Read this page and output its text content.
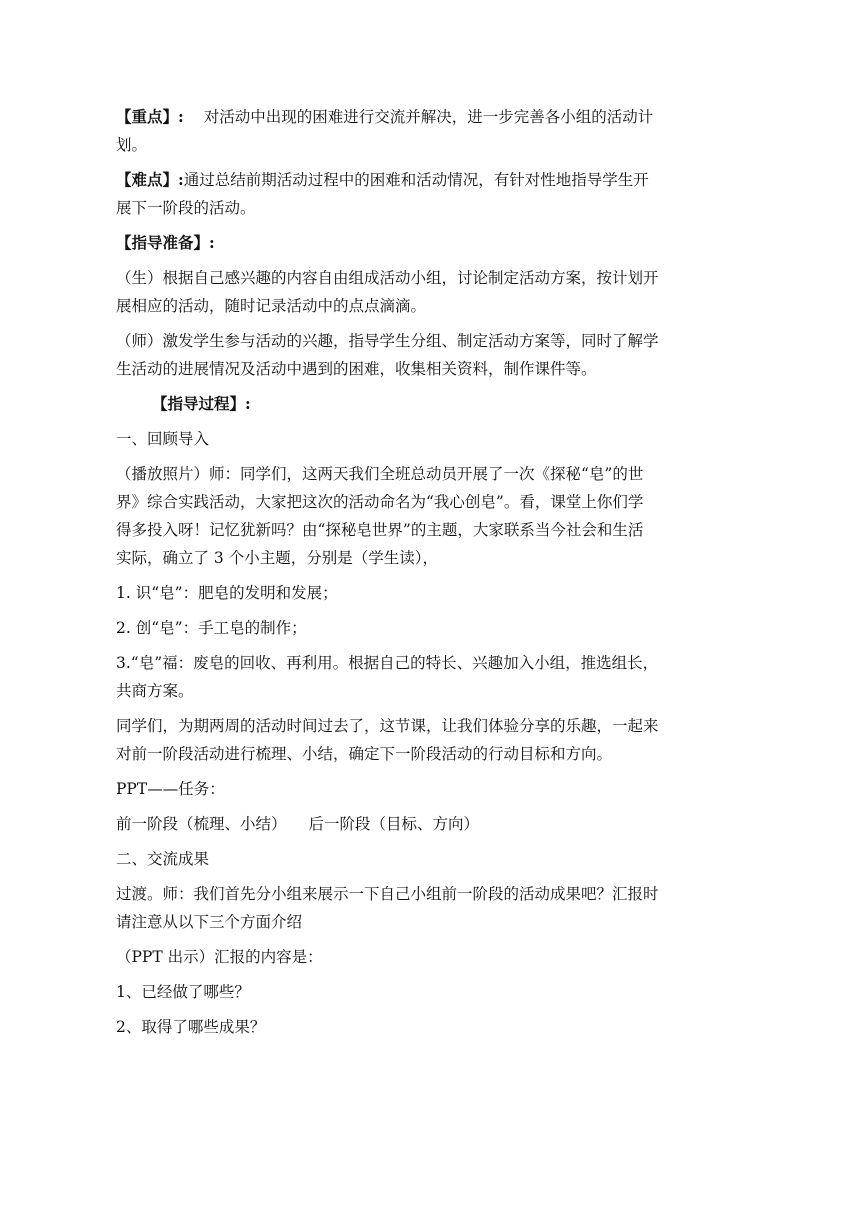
【重点】: 对活动中出现的困难进行交流并解决，进一步完善各小组的活动计

划。

【难点】:通过总结前期活动过程中的困难和活动情况，有针对性地指导学生开

展下一阶段的活动。

【指导准备】:

（生）根据自己感兴趣的内容自由组成活动小组，讨论制定活动方案，按计划开

展相应的活动，随时记录活动中的点点滴滴。

（师）激发学生参与活动的兴趣，指导学生分组、制定活动方案等，同时了解学

生活动的进展情况及活动中遇到的困难，收集相关资料，制作课件等。

【指导过程】:

一、回顾导入

（播放照片）师：同学们，这两天我们全班总动员开展了一次《探秘“皂”的世

界》综合实践活动，大家把这次的活动命名为“我心创皂”。看，课堂上你们学

得多投入呀！记忆犹新吗？由“探秘皂世界”的主题，大家联系当今社会和生活

实际，确立了 3 个小主题，分别是（学生读），

1. 识“皂”：肥皂的发明和发展；

2. 创“皂”：手工皂的制作；

3.“皂”福：废皂的回收、再利用。根据自己的特长、兴趣加入小组，推选组长，

共商方案。

同学们，为期两周的活动时间过去了，这节课，让我们体验分享的乐趣，一起来

对前一阶段活动进行梳理、小结，确定下一阶段活动的行动目标和方向。

PPT——任务：

前一阶段（梳理、小结） 后一阶段（目标、方向）

二、交流成果

过渡。师：我们首先分小组来展示一下自己小组前一阶段的活动成果吧？汇报时

请注意从以下三个方面介绍

（PPT 出示）汇报的内容是：

1、已经做了哪些？

2、取得了哪些成果？
